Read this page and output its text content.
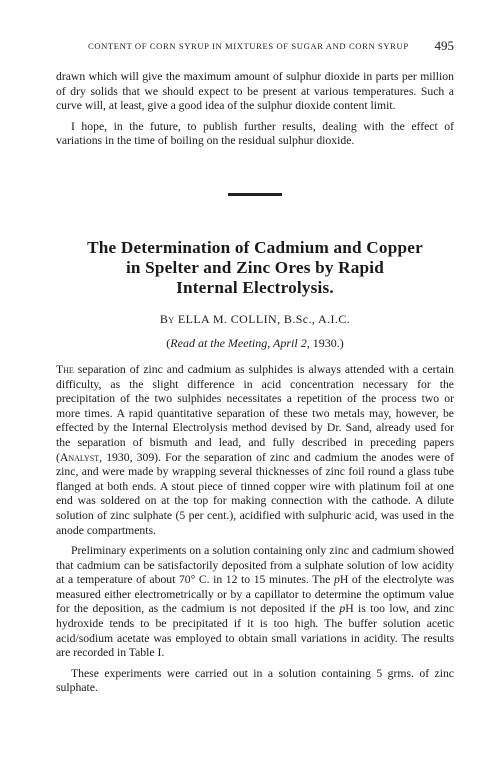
CONTENT OF CORN SYRUP IN MIXTURES OF SUGAR AND CORN SYRUP 495

drawn which will give the maximum amount of sulphur dioxide in parts per million of dry solids that we should expect to be present at various temperatures. Such a curve will, at least, give a good idea of the sulphur dioxide content limit.

I hope, in the future, to publish further results, dealing with the effect of variations in the time of boiling on the residual sulphur dioxide.

The Determination of Cadmium and Copper
in Spelter and Zinc Ores by Rapid
Internal Electrolysis.
By ELLA M. COLLIN, B.Sc., A.I.C.
(Read at the Meeting, April 2, 1930.)

The separation of zinc and cadmium as sulphides is always attended with a certain difficulty, as the slight difference in acid concentration necessary for the precipitation of the two sulphides necessitates a repetition of the process two or more times. A rapid quantitative separation of these two metals may, however, be effected by the Internal Electrolysis method devised by Dr. Sand, already used for the separation of bismuth and lead, and fully described in preceding papers (Analyst, 1930, 309). For the separation of zinc and cadmium the anodes were of zinc, and were made by wrapping several thicknesses of zinc foil round a glass tube flanged at both ends. A stout piece of tinned copper wire with platinum foil at one end was soldered on at the top for making connection with the cathode. A dilute solution of zinc sulphate (5 per cent.), acidified with sulphuric acid, was used in the anode compartments.

Preliminary experiments on a solution containing only zinc and cadmium showed that cadmium can be satisfactorily deposited from a sulphate solution of low acidity at a temperature of about 70° C. in 12 to 15 minutes. The pH of the electrolyte was measured either electrometrically or by a capillator to determine the optimum value for the deposition, as the cadmium is not deposited if the pH is too low, and zinc hydroxide tends to be precipitated if it is too high. The buffer solution acetic acid/sodium acetate was employed to obtain small variations in acidity. The results are recorded in Table I.

These experiments were carried out in a solution containing 5 grms. of zinc sulphate.
